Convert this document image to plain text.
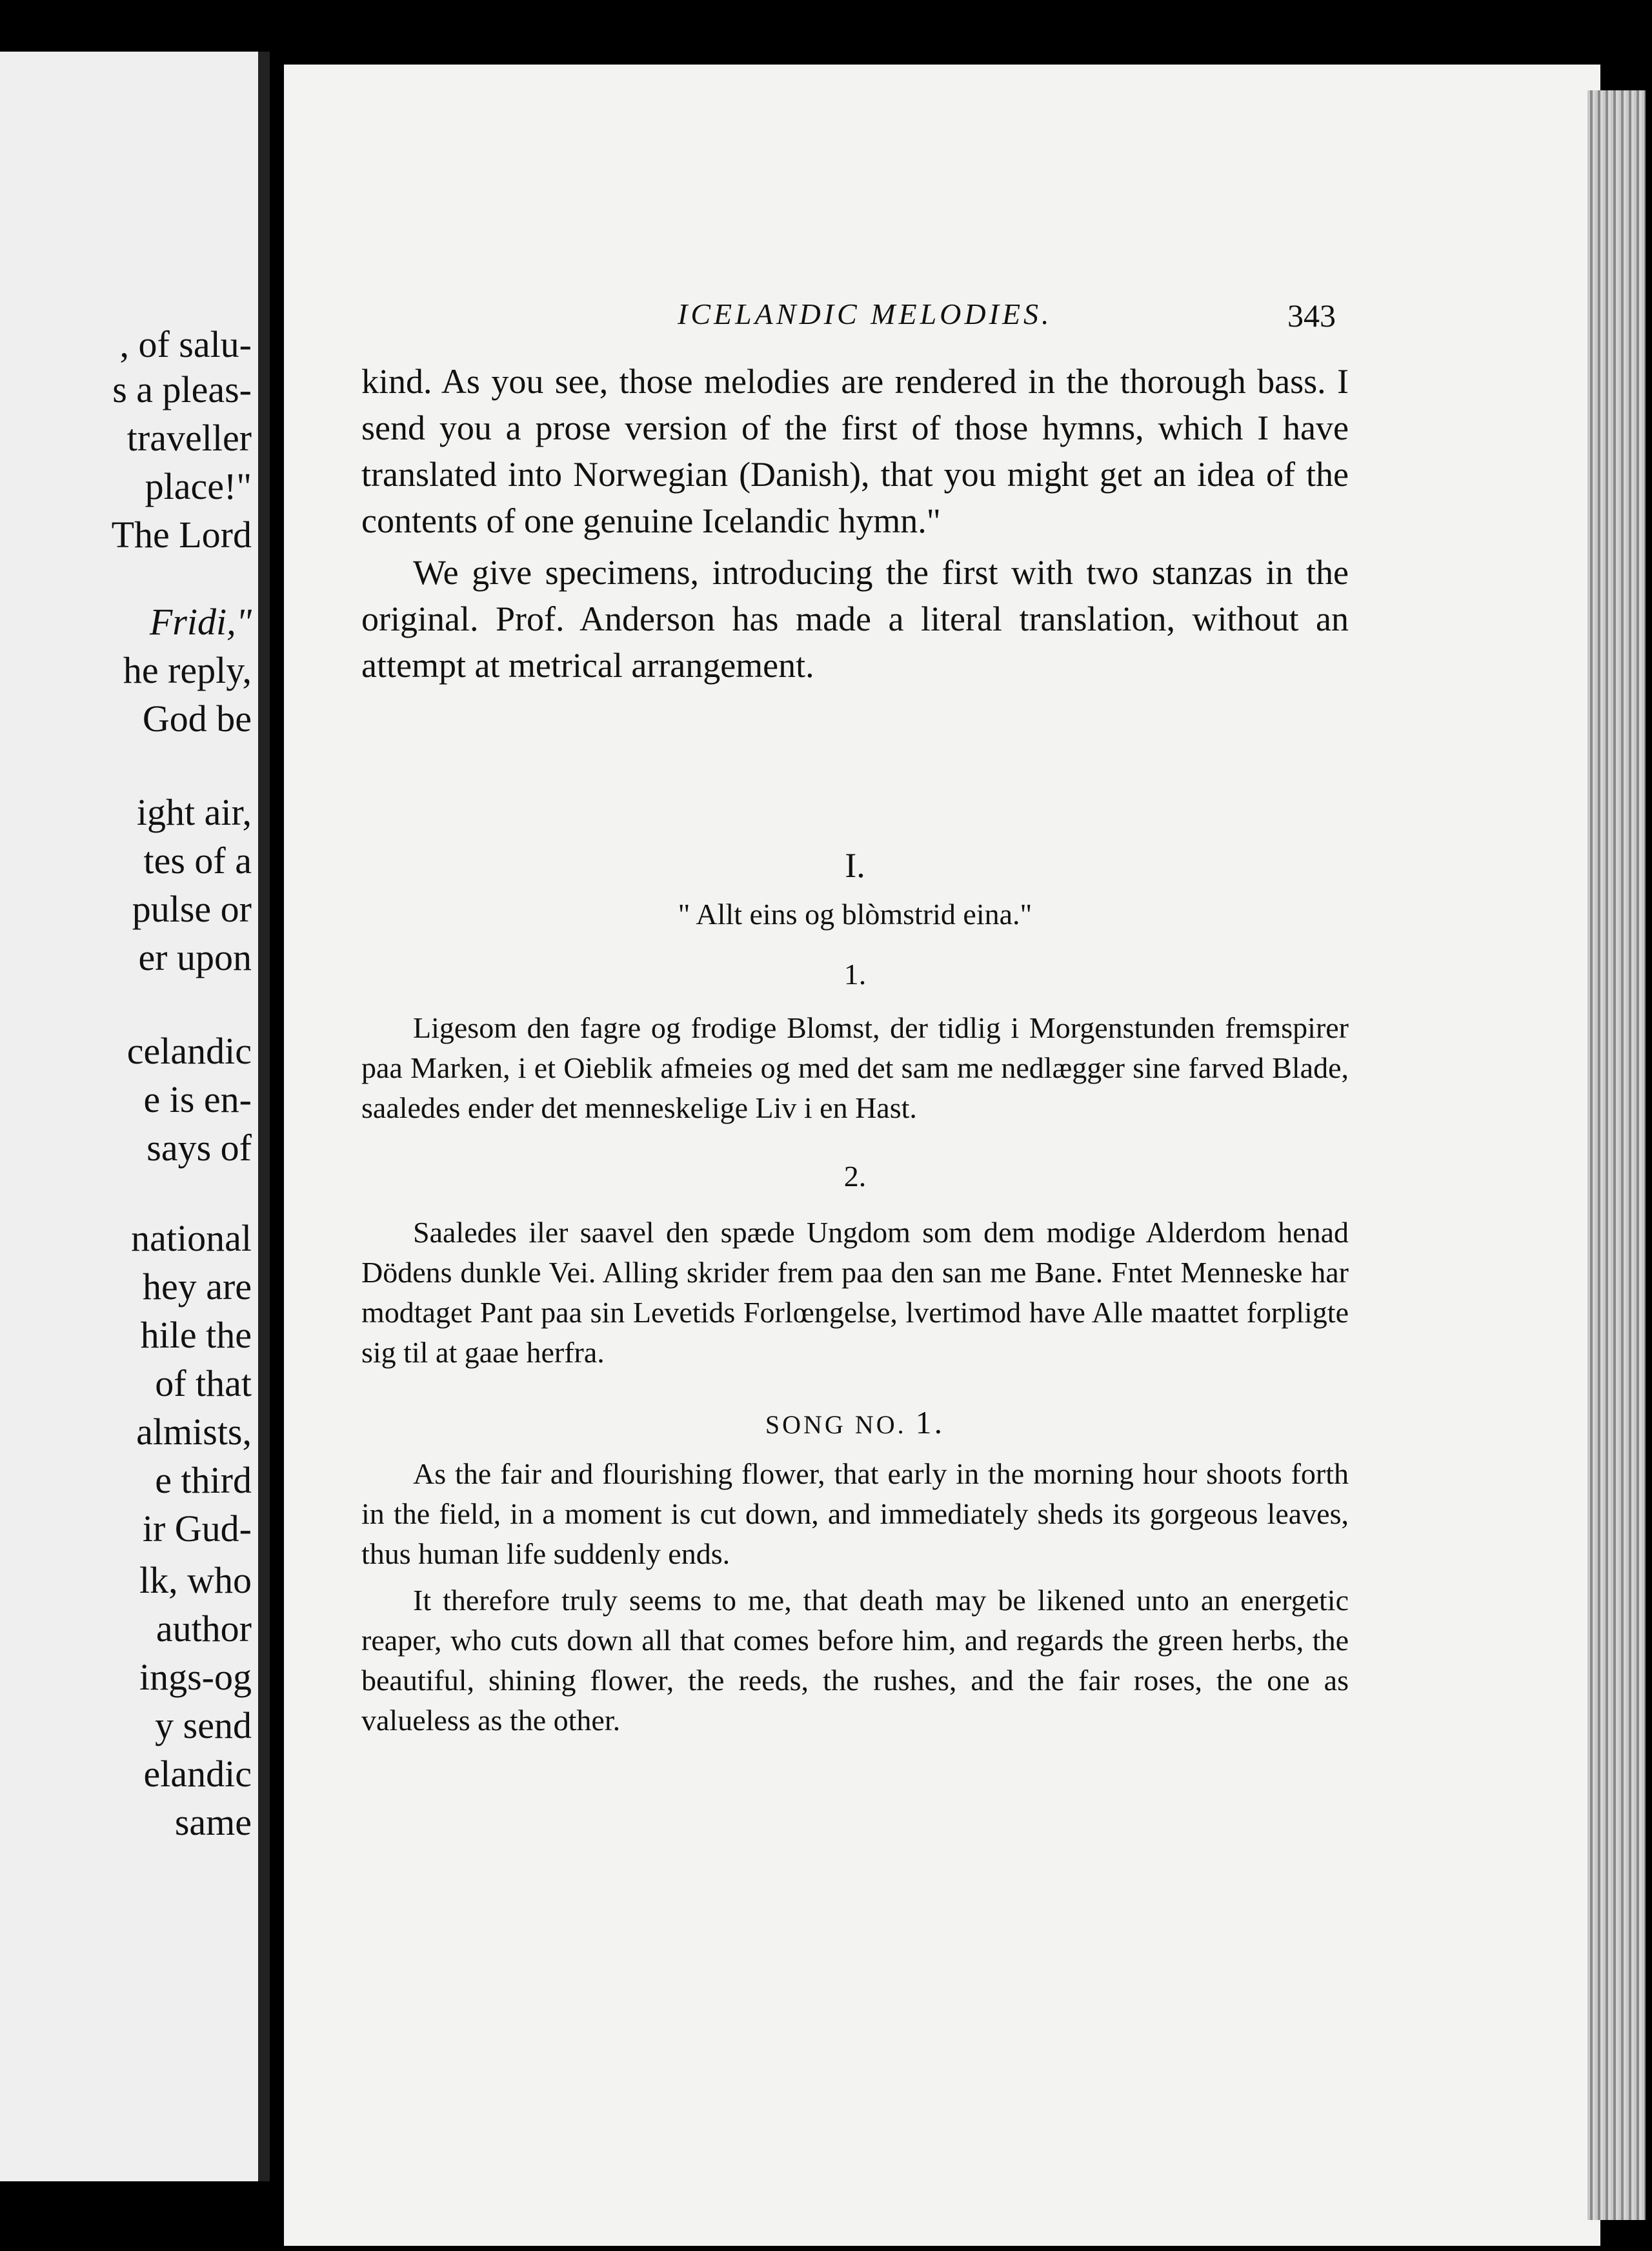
, of salu-
s a pleas-
traveller
place!"
The Lord
Fridi,"
he reply,
God be
ight air,
tes of a
pulse or
er upon
celandic
e is en-
says of
national
hey are
hile the
of that
almists,
e third
ir Gud-
lk, who
author
ings-og
y send
elandic
same
ICELANDIC MELODIES.	343

kind. As you see, those melodies are rendered in the thorough bass. I send you a prose version of the first of those hymns, which I have translated into Norwegian (Danish), that you might get an idea of the contents of one genuine Icelandic hymn."

We give specimens, introducing the first with two stanzas in the original. Prof. Anderson has made a literal translation, without an attempt at metrical arrangement.

I.

" Allt eins og blòmstrid eina."

1.

Ligesom den fagre og frodige Blomst, der tidlig i Morgenstunden fremspirer paa Marken, i et Oieblik afmeies og med det sam me nedlægger sine farved Blade, saaledes ender det menneskelige Liv i en Hast.

2.

Saaledes iler saavel den spæde Ungdom som dem modige Alderdom henad Dödens dunkle Vei. Alling skrider frem paa den san me Bane. Fntet Menneske har modtaget Pant paa sin Levetids Forlœngelse, lvertimod have Alle maattet forpligte sig til at gaae herfra.

SONG NO. 1.

As the fair and flourishing flower, that early in the morning hour shoots forth in the field, in a moment is cut down, and immediately sheds its gorgeous leaves, thus human life suddenly ends.

It therefore truly seems to me, that death may be likened unto an energetic reaper, who cuts down all that comes before him, and regards the green herbs, the beautiful, shining flower, the reeds, the rushes, and the fair roses, the one as valueless as the other.
